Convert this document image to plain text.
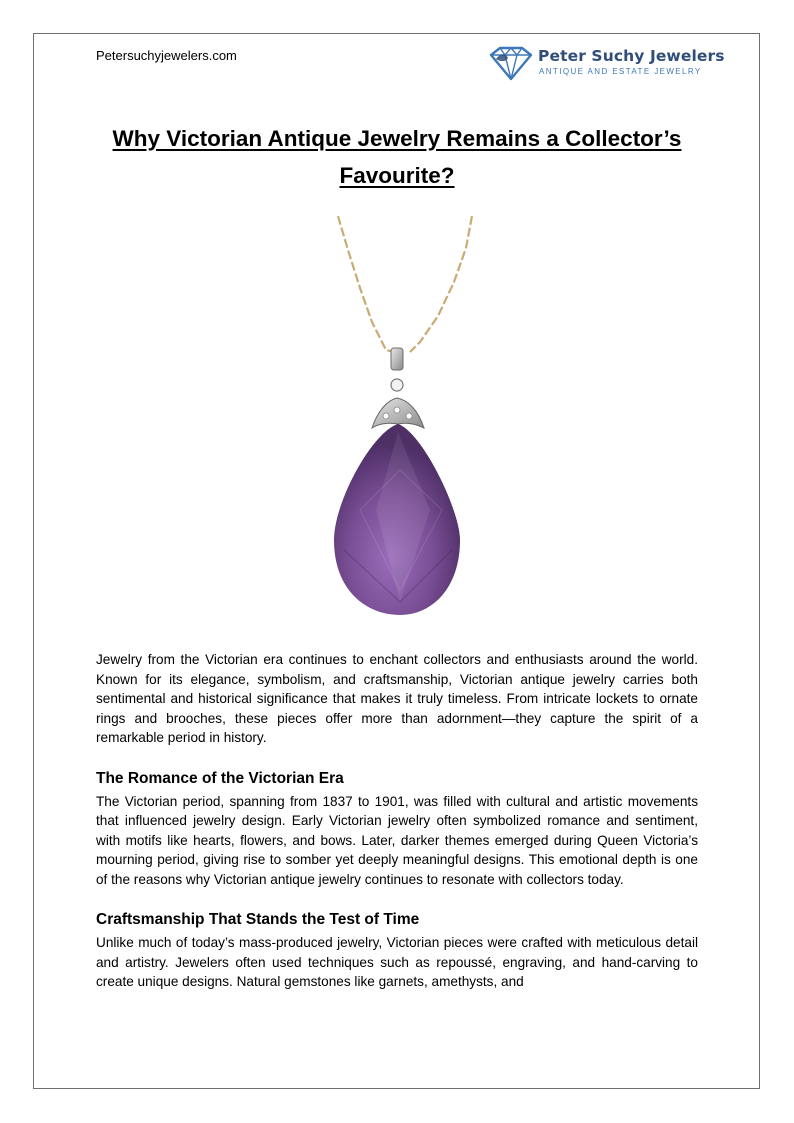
Petersuchyjewelers.com	Peter Suchy Jewelers
ANTIQUE AND ESTATE JEWELRY
Why Victorian Antique Jewelry Remains a Collector’s Favourite?

Jewelry from the Victorian era continues to enchant collectors and enthusiasts around the world. Known for its elegance, symbolism, and craftsmanship, Victorian antique jewelry carries both sentimental and historical significance that makes it truly timeless. From intricate lockets to ornate rings and brooches, these pieces offer more than adornment—they capture the spirit of a remarkable period in history.

The Romance of the Victorian Era

The Victorian period, spanning from 1837 to 1901, was filled with cultural and artistic movements that influenced jewelry design. Early Victorian jewelry often symbolized romance and sentiment, with motifs like hearts, flowers, and bows. Later, darker themes emerged during Queen Victoria’s mourning period, giving rise to somber yet deeply meaningful designs. This emotional depth is one of the reasons why Victorian antique jewelry continues to resonate with collectors today.

Craftsmanship That Stands the Test of Time

Unlike much of today’s mass-produced jewelry, Victorian pieces were crafted with meticulous detail and artistry. Jewelers often used techniques such as repoussé, engraving, and hand-carving to create unique designs. Natural gemstones like garnets, amethysts, and
